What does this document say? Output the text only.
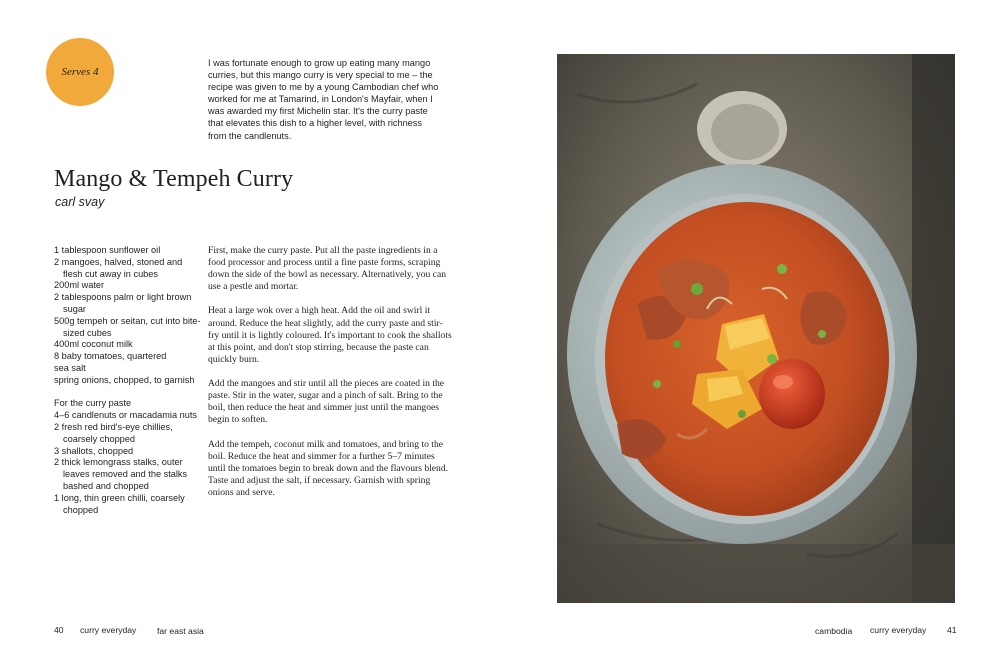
Serves 4
I was fortunate enough to grow up eating many mango curries, but this mango curry is very special to me – the recipe was given to me by a young Cambodian chef who worked for me at Tamarind, in London's Mayfair, when I was awarded my first Michelin star. It's the curry paste that elevates this dish to a higher level, with richness from the candlenuts.
Mango & Tempeh Curry
carl svay
1 tablespoon sunflower oil
2 mangoes, halved, stoned and flesh cut away in cubes
200ml water
2 tablespoons palm or light brown sugar
500g tempeh or seitan, cut into bite-sized cubes
400ml coconut milk
8 baby tomatoes, quartered
sea salt
spring onions, chopped, to garnish
For the curry paste
4–6 candlenuts or macadamia nuts
2 fresh red bird's-eye chillies, coarsely chopped
3 shallots, chopped
2 thick lemongrass stalks, outer leaves removed and the stalks bashed and chopped
1 long, thin green chilli, coarsely chopped

First, make the curry paste. Put all the paste ingredients in a food processor and process until a fine paste forms, scraping down the side of the bowl as necessary. Alternatively, you can use a pestle and mortar.

Heat a large wok over a high heat. Add the oil and swirl it around. Reduce the heat slightly, add the curry paste and stir-fry until it is lightly coloured. It's important to cook the shallots at this point, and don't stop stirring, because the paste can quickly burn.

Add the mangoes and stir until all the pieces are coated in the paste. Stir in the water, sugar and a pinch of salt. Bring to the boil, then reduce the heat and simmer just until the mangoes begin to soften.

Add the tempeh, coconut milk and tomatoes, and bring to the boil. Reduce the heat and simmer for a further 5–7 minutes until the tomatoes begin to break down and the flavours blend. Taste and adjust the salt, if necessary. Garnish with spring onions and serve.

40 curry everyday far east asia	cambodia curry everyday 41
